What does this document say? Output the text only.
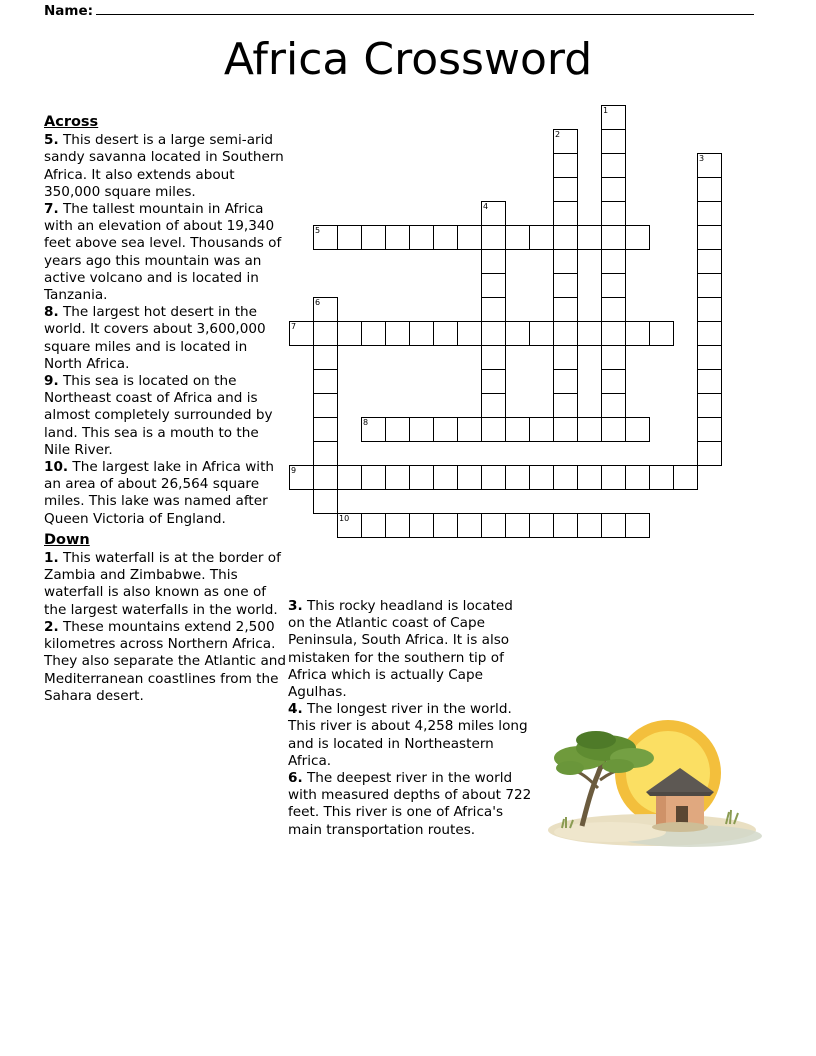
Name:
Africa Crossword
Across

5. This desert is a large semi-arid sandy savanna located in Southern Africa. It also extends about 350,000 square miles.

7. The tallest mountain in Africa with an elevation of about 19,340 feet above sea level. Thousands of years ago this mountain was an active volcano and is located in Tanzania.

8. The largest hot desert in the world. It covers about 3,600,000 square miles and is located in North Africa.

9. This sea is located on the Northeast coast of Africa and is almost completely surrounded by land. This sea is a mouth to the Nile River.

10. The largest lake in Africa with an area of about 26,564 square miles. This lake was named after Queen Victoria of England.

Down

1. This waterfall is at the border of Zambia and Zimbabwe. This waterfall is also known as one of the largest waterfalls in the world.

2. These mountains extend 2,500 kilometres across Northern Africa. They also separate the Atlantic and Mediterranean coastlines from the Sahara desert.

3. This rocky headland is located on the Atlantic coast of Cape Peninsula, South Africa. It is also mistaken for the southern tip of Africa which is actually Cape Agulhas.

4. The longest river in the world. This river is about 4,258 miles long and is located in Northeastern Africa.

6. The deepest river in the world with measured depths of about 722 feet. This river is one of Africa's main transportation routes.

1
2
3
4
5
6
7
8
9
10
